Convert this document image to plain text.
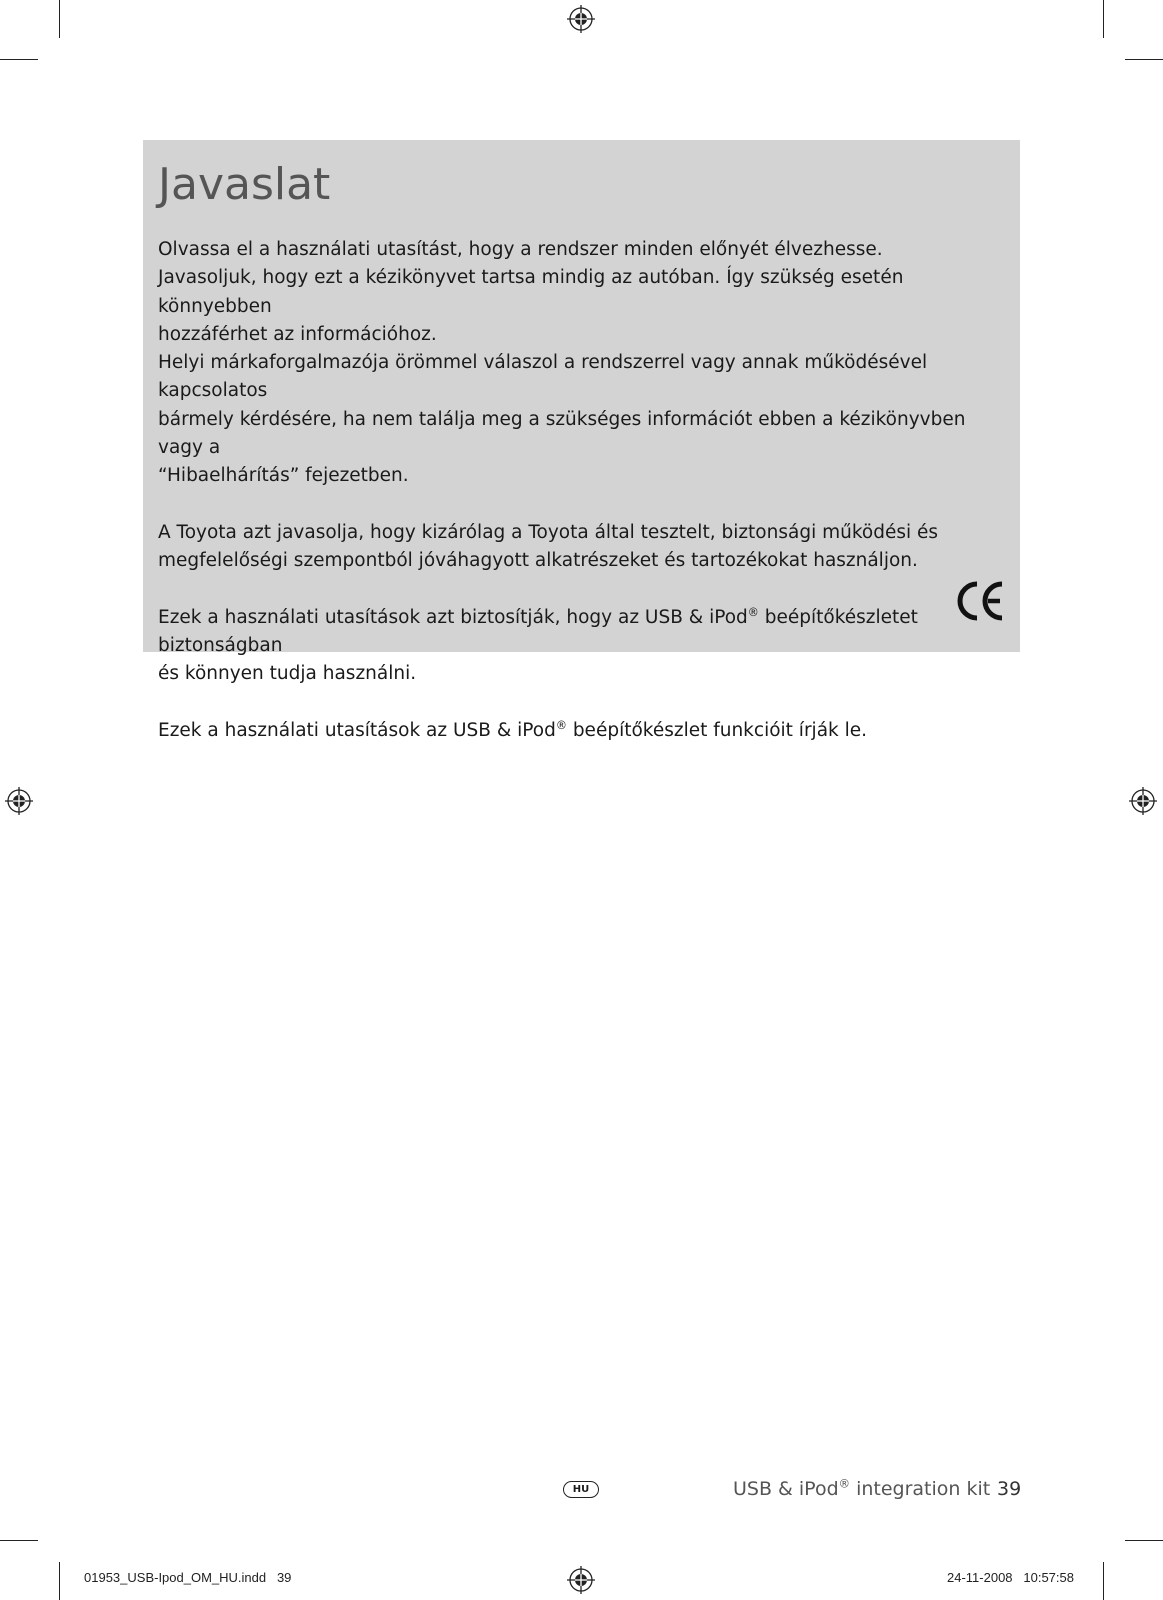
Javaslat
Olvassa el a használati utasítást, hogy a rendszer minden előnyét élvezhesse.
Javasoljuk, hogy ezt a kézikönyvet tartsa mindig az autóban. Így szükség esetén könnyebben
hozzáférhet az információhoz.
Helyi márkaforgalmazója örömmel válaszol a rendszerrel vagy annak működésével kapcsolatos
bármely kérdésére, ha nem találja meg a szükséges információt ebben a kézikönyvben vagy a
“Hibaelhárítás” fejezetben.
A Toyota azt javasolja, hogy kizárólag a Toyota által tesztelt, biztonsági működési és
megfelelőségi szempontból jóváhagyott alkatrészeket és tartozékokat használjon.
Ezek a használati utasítások azt biztosítják, hogy az USB & iPod® beépítőkészletet biztonságban
és könnyen tudja használni.
Ezek a használati utasítások az USB & iPod® beépítőkészlet funkcióit írják le.
HU	USB & iPod® integration kit 39
01953_USB-Ipod_OM_HU.indd   39	24-11-2008   10:57:58
